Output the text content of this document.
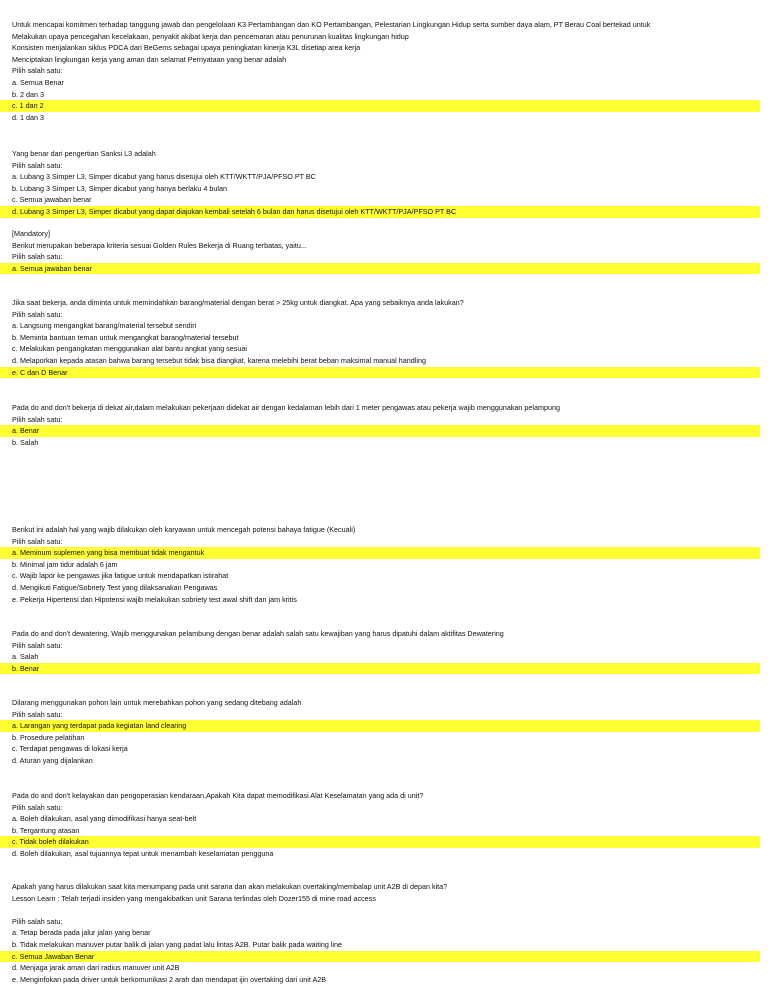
Untuk mencapai komitmen terhadap tanggung jawab dan pengelolaan K3 Pertambangan dan KO Pertambangan, Pelestarian Lingkungan Hidup serta sumber daya alam, PT Berau Coal bertekad untuk
Melakukan upaya pencegahan kecelakaan, penyakit akibat kerja dan pencemaran atau penurunan kualitas lingkungan hidup
Konsisten menjalankan siklus PDCA dari BeGems sebagai upaya peningkatan kinerja K3L disetiap area kerja
Menciptakan lingkungan kerja yang aman dan selamat Pernyataan yang benar adalah
Pilih salah satu:
a. Semua Benar
b. 2 dan 3
c. 1 dan 2
d. 1 dan 3
Yang benar dari pengertian Sanksi L3 adalah
Pilih salah satu:
a. Lubang 3 Simper L3, Simper dicabut yang harus disetujui oleh KTT/WKTT/PJA/PFSO PT BC
b. Lubang 3 Simper L3, Simper dicabut yang hanya berlaku 4 bulan
c. Semua jawaban benar
d. Lubang 3 Simper L3, Simper dicabut yang dapat diajukan kembali setelah 6 bulan dan harus disetujui oleh KTT/WKTT/PJA/PFSO PT BC
[Mandatory]
Berikut merupakan beberapa kriteria sesuai Golden Rules Bekerja di Ruang terbatas, yaitu...
Pilih salah satu:
a. Semua jawaban benar
Jika saat bekerja, anda diminta untuk memindahkan barang/material dengan berat > 25kg untuk diangkat. Apa yang sebaiknya anda lakukan?
Pilih salah satu:
a. Langsung mengangkat barang/material tersebut sendiri
b. Meminta bantuan teman untuk mengangkat barang/material tersebut
c. Melakukan pengangkatan menggunakan alat bantu angkat yang sesuai
d. Melaporkan kepada atasan bahwa barang tersebut tidak bisa diangkat, karena melebihi berat beban maksimal manual handling
e. C dan D Benar
Pada do and don't bekerja di dekat air,dalam melakukan pekerjaan didekat air dengan kedalaman lebih dari 1 meter pengawas atau pekerja wajib menggunakan pelampung
Pilih salah satu:
a. Benar
b. Salah
Berikut ini adalah hal yang wajib dilakukan oleh karyawan untuk mencegah potensi bahaya fatigue (Kecuali)
Pilih salah satu:
a. Meminum suplemen yang bisa membuat tidak mengantuk
b. Minimal jam tidur adalah 6 jam
c. Wajib lapor ke pengawas jika fatigue untuk mendapatkan istirahat
d. Mengikuti Fatigue/Sobriety Test yang dilaksanakan Pengawas
e. Pekerja Hipertensi dan Hipotensi wajib melakukan sobriety test awal shift dan jam kritis
Pada do and don't dewatering, Wajib menggunakan pelambung dengan benar adalah salah satu kewajiban yang harus dipatuhi dalam aktifitas Dewatering
Pilih salah satu:
a. Salah
b. Benar
Dilarang menggunakan pohon lain untuk merebahkan pohon yang sedang ditebang adalah
Pilih salah satu:
a. Larangan yang terdapat pada kegiatan land clearing
b. Prosedure pelatihan
c. Terdapat pengawas di lokasi kerja
d. Aturan yang dijalankan
Pada do and don't kelayakan dan pengoperasian kendaraan,Apakah Kita dapat memodifikasi Alat Keselamatan yang ada di unit?
Pilih salah satu:
a. Boleh dilakukan, asal yang dimodifikasi hanya seat-belt
b. Tergantung atasan
c. Tidak boleh dilakukan
d. Boleh dilakukan, asal tujuannya tepat untuk menambah keselamatan pengguna
Apakah yang harus dilakukan saat kita menumpang pada unit sarana dan akan melakukan overtaking/membalap unit A2B di depan kita?
Lesson Learn : Telah terjadi insiden yang mengakibatkan unit Sarana terlindas oleh Dozer155 di mine road access
Pilih salah satu:
a. Tetap berada pada jalur jalan yang benar
b. Tidak melakukan manuver putar balik di jalan yang padat lalu lintas A2B. Putar balik pada waiting line
c. Semua Jawaban Benar
d. Menjaga jarak aman dari radius manuver unit A2B
e. Menginfokan pada driver untuk berkomunikasi 2 arah dan mendapat ijin overtaking dari unit A2B
